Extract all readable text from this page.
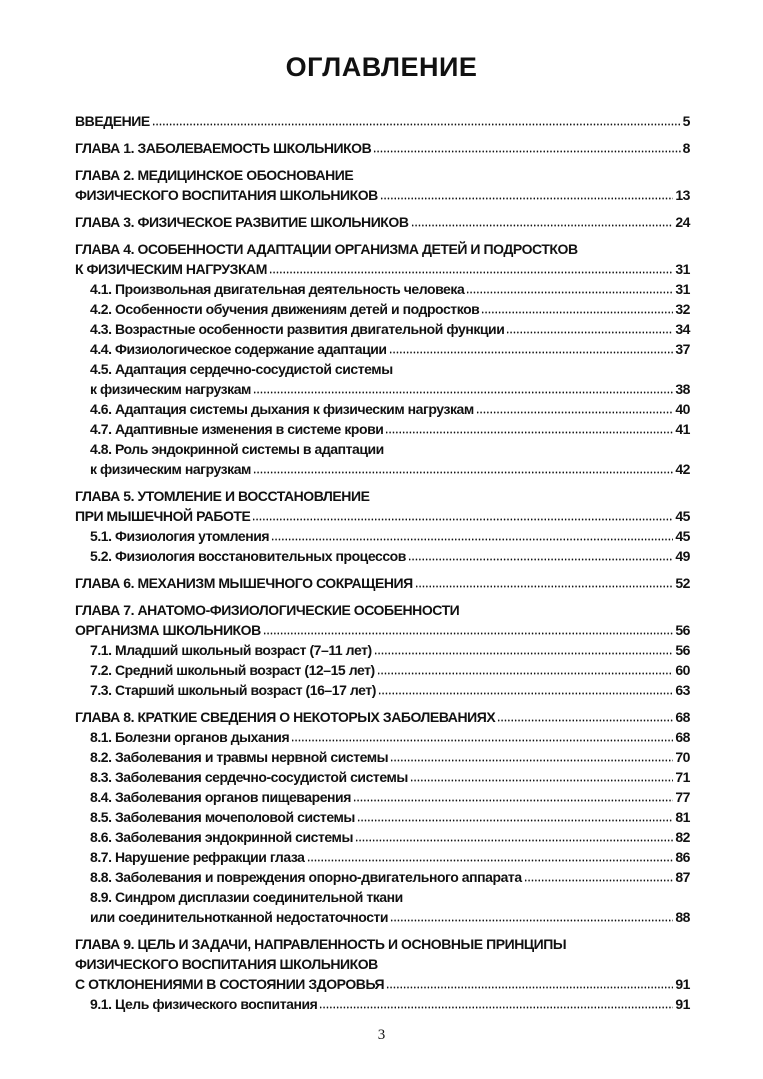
ОГЛАВЛЕНИЕ
ВВЕДЕНИЕ	5
ГЛАВА 1. ЗАБОЛЕВАЕМОСТЬ ШКОЛЬНИКОВ	8
ГЛАВА 2. МЕДИЦИНСКОЕ ОБОСНОВАНИЕ
ФИЗИЧЕСКОГО ВОСПИТАНИЯ ШКОЛЬНИКОВ	13
ГЛАВА 3. ФИЗИЧЕСКОЕ РАЗВИТИЕ ШКОЛЬНИКОВ	24
ГЛАВА 4. ОСОБЕННОСТИ АДАПТАЦИИ ОРГАНИЗМА ДЕТЕЙ И ПОДРОСТКОВ
К ФИЗИЧЕСКИМ НАГРУЗКАМ	31
4.1. Произвольная двигательная деятельность человека	31
4.2. Особенности обучения движениям детей и подростков	32
4.3. Возрастные особенности развития двигательной функции	34
4.4. Физиологическое содержание адаптации	37
4.5. Адаптация сердечно-сосудистой системы
к физическим нагрузкам	38
4.6. Адаптация системы дыхания к физическим нагрузкам	40
4.7. Адаптивные изменения в системе крови	41
4.8. Роль эндокринной системы в адаптации
к физическим нагрузкам	42
ГЛАВА 5. УТОМЛЕНИЕ И ВОССТАНОВЛЕНИЕ
ПРИ МЫШЕЧНОЙ РАБОТЕ	45
5.1. Физиология утомления	45
5.2. Физиология восстановительных процессов	49
ГЛАВА 6. МЕХАНИЗМ МЫШЕЧНОГО СОКРАЩЕНИЯ	52
ГЛАВА 7. АНАТОМО-ФИЗИОЛОГИЧЕСКИЕ ОСОБЕННОСТИ
ОРГАНИЗМА ШКОЛЬНИКОВ	56
7.1. Младший школьный возраст (7–11 лет)	56
7.2. Средний школьный возраст (12–15 лет)	60
7.3. Старший школьный возраст (16–17 лет)	63
ГЛАВА 8. КРАТКИЕ СВЕДЕНИЯ О НЕКОТОРЫХ ЗАБОЛЕВАНИЯХ	68
8.1. Болезни органов дыхания	68
8.2. Заболевания и травмы нервной системы	70
8.3. Заболевания сердечно-сосудистой системы	71
8.4. Заболевания органов пищеварения	77
8.5. Заболевания мочеполовой системы	81
8.6. Заболевания эндокринной системы	82
8.7. Нарушение рефракции глаза	86
8.8. Заболевания и повреждения опорно-двигательного аппарата	87
8.9. Синдром дисплазии соединительной ткани
или соединительнотканной недостаточности	88
ГЛАВА 9. ЦЕЛЬ И ЗАДАЧИ, НАПРАВЛЕННОСТЬ И ОСНОВНЫЕ ПРИНЦИПЫ
ФИЗИЧЕСКОГО ВОСПИТАНИЯ ШКОЛЬНИКОВ
С ОТКЛОНЕНИЯМИ В СОСТОЯНИИ ЗДОРОВЬЯ	91
9.1. Цель физического воспитания	91
3
